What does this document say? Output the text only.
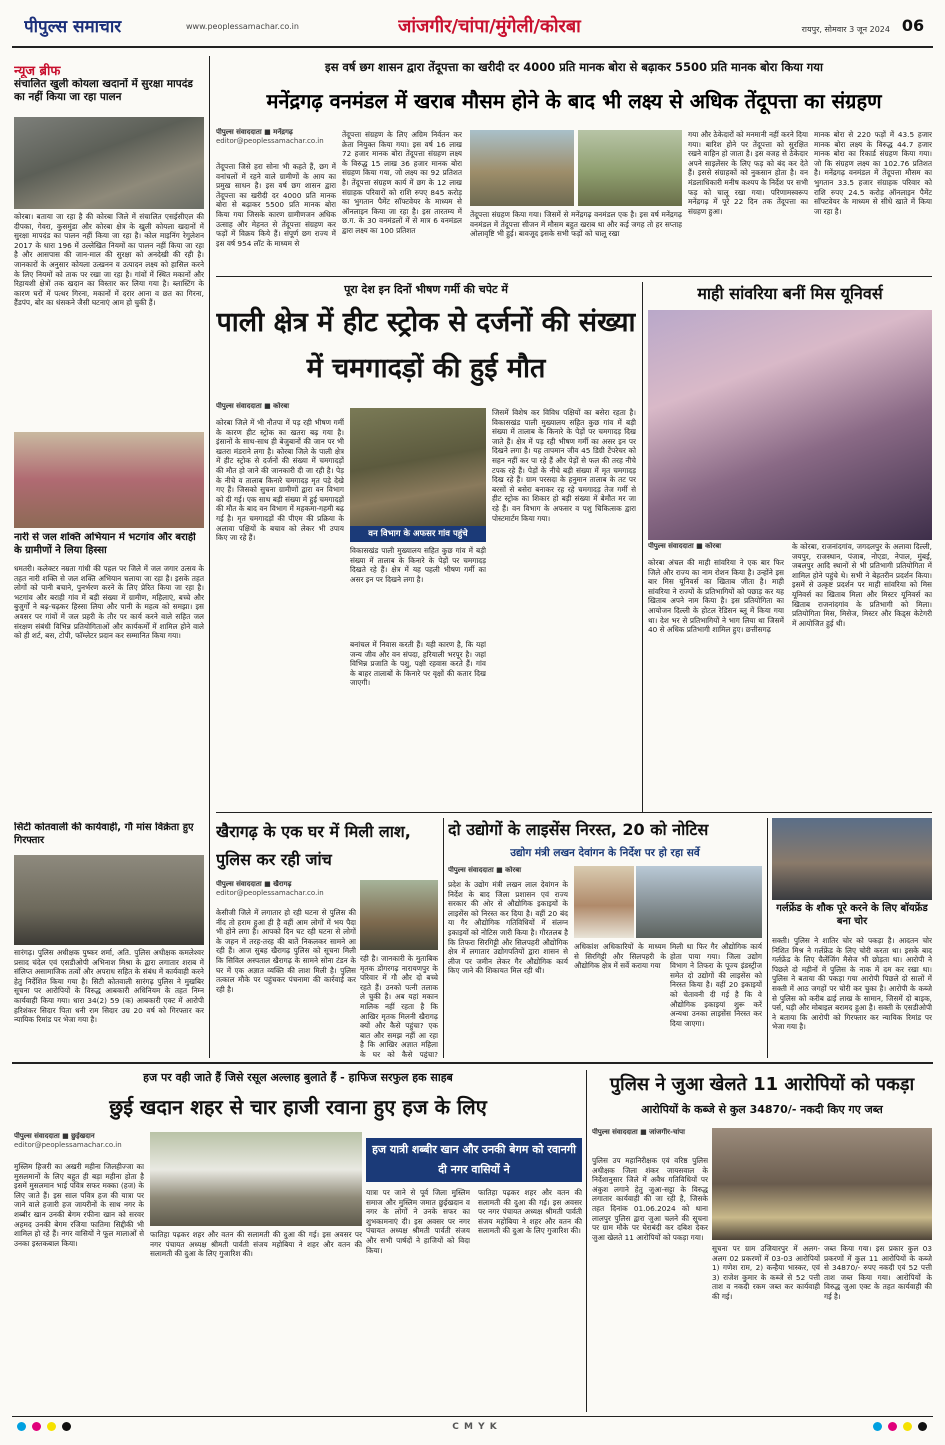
पीपुल्स समाचार	www.peoplessamachar.co.in	जांजगीर/चांपा/मुंगेली/कोरबा	रायपुर, सोमवार 3 जून 2024 06
न्यूज ब्रीफ
संचालित खुली कोयला खदानों में सुरक्षा मापदंड का नहीं किया जा रहा पालन
कोरबा। बताया जा रहा है की कोरबा जिले में संचालित एसईसीएल की दीपका, गेवरा, कुसमुंडा और कोरबा क्षेत्र के खुली कोयला खदानों में सुरक्षा मापदंड का पालन नहीं किया जा रहा है। कोल माइनिंग रेगुलेशन 2017 के धारा 196 में उल्लेखित नियमों का पालन नहीं किया जा रहा है और आसपास की जान-माल की सुरक्षा को अनदेखी की रही है। जानकारों के अनुसार कोयला उत्खनन व उत्पादन लक्ष्य को हासिल करने के लिए नियमों को ताक पर रखा जा रहा है। गांवों में स्थित मकानों और रिहायशी क्षेत्रों तक खदान का विस्तार कर लिया गया है। ब्लास्टिंग के कारण घरों में पत्थर गिरना, मकानों में दरार आना व छत का गिरना, हैंडपंप, बोर का धंसकने जैसी घटनाएं आम हो चुकी हैं।
नारी से जल शक्ति अभियान में भटगांव और बराही के ग्रामीणों ने लिया हिस्सा
धमतरी। कलेक्टर नम्रता गांधी की पहल पर जिले में जल जगार उत्सव के तहत नारी शक्ति से जल शक्ति अभियान चलाया जा रहा है। इसके तहत लोगों को पानी बचाने, पुनर्भरण करने के लिए प्रेरित किया जा रहा है। भटगांव और बराही गांव में बड़ी संख्या में ग्रामीण, महिलाएं, बच्चे और बुजुर्गों ने बढ़-चढ़कर हिस्सा लिया और पानी के महत्व को समझा। इस अवसर पर गांवों में जल प्रहरी के तौर पर कार्य करने वाले सहित जल संरक्षण संबंधी विभिन्न प्रतियोगिताओं और कार्यकर्मों में शामिल होने वाले को ही शर्ट, बस, टोपी, फॉम्लेटर प्रदान कर सम्मानित किया गया।
सिटी कोतवाली की कार्यवाही, गौ मांस विक्रेता हुए गिरफ्तार
सारंगढ़। पुलिस अधीक्षक पुष्कर शर्मा, अति. पुलिस अधीक्षक कमलेश्वर प्रसाद चंदेल एवं एसडीओपी अभिनाश मिश्रा के द्वारा लगातार शराब में संलिप्त असामाजिक तत्वों और अपराध सहित के संबंध में कार्यवाही करने हेतु निर्देशित किया गया है। सिटी कोतवाली सारंगढ़ पुलिस ने मुखबिर सूचना पर आरोपियों के विरुद्ध आबकारी अधिनियम के तहत निम्न कार्यवाही किया गया। धारा 34(2) 59 (क) आबकारी एक्ट में आरोपी हरिशंकर सिदार पिता धनी राम सिदार उम्र 20 वर्ष को गिरफ्तार कर न्यायिक रिमांड पर भेजा गया है।
इस वर्ष छग शासन द्वारा तेंदूपत्ता का खरीदी दर 4000 प्रति मानक बोरा से बढ़ाकर 5500 प्रति मानक बोरा किया गया
मनेंद्रगढ़ वनमंडल में खराब मौसम होने के बाद भी लक्ष्य से अधिक तेंदूपत्ता का संग्रहण
पीपुल्स संवाददाता ■ मनेंद्रगढ़
editor@peoplessamachar.co.in
तेंदूपत्ता जिसे हरा सोना भी कहते हैं, छग में वनांचलों में रहने वाले ग्रामीणों के आय का प्रमुख साधन है। इस वर्ष छग शासन द्वारा तेंदूपत्ता का खरीदी दर 4000 प्रति मानक बोरा से बढ़ाकर 5500 प्रति मानक बोरा किया गया जिसके कारण ग्रामीणजन अधिक उत्साह और मेहनत से तेंदूपत्ता संग्रहण कर फड़ों में विक्रय किये हैं। संपूर्ण छग राज्य में इस वर्ष 954 लॉट के माध्यम से
तेंदूपत्ता संग्रहण के लिए अग्रिम निर्वतन कर क्रेता नियुक्त किया गया। इस वर्ष 16 लाख 72 हजार मानक बोरा तेंदूपत्ता संग्रहण लक्ष्य के विरुद्ध 15 लाख 36 हजार मानक बोरा संग्रहण किया गया, जो लक्ष्य का 92 प्रतिशत है। तेंदूपत्ता संग्रहण कार्य में छग के 12 लाख संग्राहक परिवारों को राशि रुपए 845 करोड़ का भुगतान पैमेंट सॉफ्टवेयर के माध्यम से ऑनलाइन किया जा रहा है। इस तारतम्य में छ.ग. के 30 वनमंडलों में से मात्र 6 वनमंडल द्वारा लक्ष्य का 100 प्रतिशत
तेंदूपत्ता संग्रहण किया गया। जिसमें से मनेंद्रगढ़ वनमंडल एक है। इस वर्ष मनेंद्रगढ़ वनमंडल में तेंदूपत्ता सीजन में मौसम बहुत खराब था और कई जगह तो हर सप्ताह ओलावृष्टि भी हुई। बावजूद इसके सभी फड़ों को चालू रखा
गया और ठेकेदारों को मनमानी नहीं करने दिया गया। बारिश होने पर तेंदूपत्ता को सुरक्षित रखने वाहिन हो जाता है। इस वजह से ठेकेदार अपने साइलेंसर के लिए फड़ को बंद कर देते हैं। इससे संग्राहकों को नुकसान होता है। वन मंडलाधिकारी मनीष कश्यप के निर्देश पर सभी फड़ को चालू रखा गया। परिणामस्वरूप मनेंद्रगढ़ में पूरे 22 दिन तक तेंदूपत्ता का संग्रहण हुआ।
मानक बोरा से 220 फड़ों में 43.5 हजार मानक बोरा लक्ष्य के विरुद्ध 44.7 हजार मानक बोरा का रिकार्ड संग्रहण किया गया। जो कि संग्रहण लक्ष्य का 102.76 प्रतिशत है। मनेंद्रगढ़ वनमंडल में तेंदूपत्ता मौसम का भुगतान 33.5 हजार संग्राहक परिवार को राशि रुपए 24.5 करोड़ ऑनलाइन पैमेंट सॉफ्टवेयर के माध्यम से सीधे खाते में किया जा रहा है।
पूरा देश इन दिनों भीषण गर्मी की चपेट में
पाली क्षेत्र में हीट स्ट्रोक से दर्जनों की संख्या में चमगादड़ों की हुई मौत
पीपुल्स संवाददाता ■ कोरबा
कोरबा जिले में भी नौतपा में पड़ रही भीषण गर्मी के कारण हीट स्ट्रोक का खतरा बढ़ गया है। इंसानों के साथ-साथ ही बेजुबानों की जान पर भी खतरा मंडराने लगा है। कोरबा जिले के पाली क्षेत्र में हीट स्ट्रोक से दर्जनों की संख्या में चमगादड़ों की मौत हो जाने की जानकारी दी जा रही है। पेड़ के नीचे व तालाब किनारे चमगादड़ मृत पड़े देखे गए हैं। जिसको सुचना ग्रामीणों द्वारा वन विभाग को दी गई। एक साथ बड़ी संख्या में हुई चमगादड़ों की मौत के बाद वन विभाग में महकमा-गहमी बढ़ गई है। मृत चमगादड़ों की पीएम की प्रक्रिया के अलावा पक्षियों के बचाव को लेकर भी उपाय किए जा रहे हैं।	वन विभाग के अफसर गांव पहुंचे
विकासखंड पाली मुख्यालय सहित कुछ गांव में बड़ी संख्या में तालाब के किनारे के पेड़ों पर चमगादड़ दिखते रहे हैं। क्षेत्र में यह पहली भीषण गर्मी का असर इन पर दिखने लगा है।
बनांचल में निवास करती हैं। यही कारण है, कि यहां जन्य जीव और वन संपदा, हरियाली भरपूर है। जहां विभिन्न प्रजाति के पशु, पक्षी रहवास करते हैं। गांव के बाहर तालाबों के किनारे पर वृक्षों की कतार दिख जाएगी।
जिसमें विशेष कर विविध पक्षियों का बसेरा रहता है। विकासखंड पाली मुख्यालय सहित कुछ गांव में बड़ी संख्या में तालाब के किनारे के पेड़ों पर चमगादड़ दिख जाते हैं। क्षेत्र में पड़ रही भीषण गर्मी का असर इन पर दिखने लगा है। यह तापमान जीव 45 डिग्री टेंपरेचर को सहन नहीं कर पा रहे हैं और पेड़ों से फल की तरह नीचे टपक रहे हैं। पेड़ों के नीचे बड़ी संख्या में मृत चमगादड़ दिख रहे हैं। ग्राम परसदा के हनुमान तालाब के तट पर बरसों से बसेरा बनाकर रह रहे चमगादड़ तेज गर्मी से हीट स्ट्रोक का शिकार हो बड़ी संख्या में बेमौत मर जा रहे हैं। वन विभाग के अफसर व पशु चिकित्सक द्वारा पोस्टमार्टम किया गया।
माही सांवरिया बनीं मिस यूनिवर्स
पीपुल्स संवाददाता ■ कोरबा
कोरबा अंचल की माही सांवरिया ने एक बार फिर जिले और राज्य का नाम रोशन किया है। उन्होंने इस बार मिस यूनिवर्स का खिताब जीता है। माही सांवरिया ने राज्यों के प्रतिभागियों को पछाड़ कर यह खिताब अपने नाम किया है। इस प्रतियोगिता का आयोजन दिल्ली के होटल रेडिसन ब्लू में किया गया था। देश भर से प्रतिभागियों ने भाग लिया था जिसमें 40 से अधिक प्रतिभागी शामिल हुए। छत्तीसगढ़
के कोरबा, राजनांदगांव, जगदलपुर के अलावा दिल्ली, जयपुर, राजस्थान, पंजाब, नोएडा, नेपाल, मुंबई, जबलपुर आदि स्थानों से भी प्रतिभागी प्रतियोगिता में शामिल होने पहुंचे थे। सभी ने बेहतरीन प्रदर्शन किया। इसमें से उत्कृष्ट प्रदर्शन पर माही सांवरिया को मिस यूनिवर्स का खिताब मिला और मिस्टर यूनिवर्स का खिताब राजनांदगांव के प्रतिभागी को मिला। प्रतियोगिता मिस, मिसेज, मिस्टर और किड्स केटेगरी में आयोजित हुई थी।
खैरागढ़ के एक घर में मिली लाश, पुलिस कर रही जांच
पीपुल्स संवाददाता ■ खैरागढ़
editor@peoplessamachar.co.in
केसीजी जिले में लगातार हो रही घटना से पुलिस की नींद तो हराम हुआ ही है वहीं आम लोगों में भय पैदा भी होने लगा है। आपको दिन घट रही घटना से लोगों के जहन में तरह-तरह की बातें निकलकर सामने आ रही हैं। आज सुबह खैरागढ़ पुलिस को सूचना मिली कि सिविल अस्पताल खैरागढ़ के सामने सोना टंडन के घर में एक अज्ञात व्यक्ति की लाश मिली है। पुलिस तत्काल मौके पर पहुंचकर पंचनामा की कार्रवाई कर रही है।
रही है। जानकारी के मुताबिक मृतक डोंगरगढ़ नारायणपुर के परिवार में गौ और दो बच्चे रहते हैं। उनको पत्नी तलाक ले चुकी है। अब यहां मकान मालिक नहीं रहता है कि आखिर मृतक मिलनी खैरागढ़ क्यों और कैसे पहुंचा? एक बात और समझ नहीं आ रहा है कि आखिर अज्ञात महिला के घर को कैसे पहुंचा?
दो उद्योगों के लाइसेंस निरस्त, 20 को नोटिस
उद्योग मंत्री लखन देवांगन के निर्देश पर हो रहा सर्वे
पीपुल्स संवाददाता ■ कोरबा
प्रदेश के उद्योग मंत्री लखन लाल देवांगन के निर्देश के बाद जिला प्रशासन एवं राज्य सरकार की ओर से औद्योगिक इकाइयों के लाइसेंस को निरस्त कर दिया है। वहीं 20 बंद या गैर औद्योगिक गतिविधियों में संलग्न इकाइयों को नोटिस जारी किया है। गौरतलब है कि तिफरा सिरगिट्टी और सिलपहरी औद्योगिक क्षेत्र में लगातार उद्योगपतियों द्वारा शासन से लीज पर जमीन लेकर गैर औद्योगिक कार्य किए जाने की शिकायत मिल रही थी।
अधिकांश अधिकारियों के माध्यम से सिरगिट्टी और सिलपहरी के औद्योगिक क्षेत्र में सर्वे कराया गया
मिली था फिर गैर औद्योगिक कार्य होता पाया गया। जिला उद्योग विभाग ने तिफरा के पूज्य इंडस्ट्रीज समेत दो उद्योगों की लाइसेंस को निरस्त किया है। वहीं 20 इकाइयों को चेतावनी दी गई है कि वे औद्योगिक इकाइयां शुरू करें अन्यथा उनका लाइसेंस निरस्त कर दिया जाएगा।
गर्लफ्रेंड के शौक पूरे करने के लिए बॉयफ्रेंड बना चोर
सक्ती। पुलिस ने शातिर चोर को पकड़ा है। आदतन चोर निशित मिश्र ने गर्लफ्रेंड के लिए चोरी करता था। इसके बाद गर्लफ्रेंड के लिए चैलेंजिंग मैसेज भी छोड़ता था। आरोपी ने पिछले दो महीनों में पुलिस के नाक में दम कर रखा था। पुलिस ने बताया की पकड़ा गया आरोपी पिछले दो सालों में सक्ती में आठ जगहों पर चोरी कर चुका है। आरोपी के कब्जे से पुलिस को करीब ढाई लाख के सामान, जिसमें दो बाइक, पर्स, घड़ी और मोबाइल बरामद हुआ है। सक्ती के एसडीओपी ने बताया कि आरोपी को गिरफ्तार कर न्यायिक रिमांड पर भेजा गया है।
हज पर वही जाते हैं जिसे रसूल अल्लाह बुलाते हैं - हाफिज सरफुल हक साहब
छुई खदान शहर से चार हाजी रवाना हुए हज के लिए
पीपुल्स संवाददाता ■ छुईखदान
editor@peoplessamachar.co.in
मुस्लिम हिजरी का अखरी महीना जिलहीज्जा का मुसलमानों के लिए बहुत ही बड़ा महीना होता है इसमें मुसलमान भाई पवित्र सफर मक्का (हज) के लिए जाते हैं। इस साल पवित्र हज की यात्रा पर जाने वाले हजारी हज जायरीनों के साथ नगर के शब्बीर खान उनकी बेगम रफीना खान को सरवर अहमद उनकी बेगम रजिया फातिमा सिद्दीकी भी शामिल हो रहे हैं। नगर वासियों ने फूल मालाओं से उनका इस्तकबाल किया।
हज यात्री शब्बीर खान और उनकी बेगम को रवानगी दी नगर वासियों ने
यात्रा पर जाने से पूर्व जिला मुस्लिम समाज और मुस्लिम जमात छुईखदान व नगर के लोगों ने उनके सफर का शुभकामनाएं दी। इस अवसर पर नगर पंचायत अध्यक्ष श्रीमती पार्वती संजय और सभी पार्षदों ने हाजियों को विदा किया।
फातिहा पढ़कर शहर और वतन की सलामती की दुआ की गई। इस अवसर पर नगर पंचायत अध्यक्ष श्रीमती पार्वती संजय महोबिया ने शहर और वतन की सलामती की दुआ के लिए गुजारिश की।
फातिहा पढ़कर शहर और वतन की सलामती की दुआ की गई। इस अवसर पर नगर पंचायत अध्यक्ष श्रीमती पार्वती संजय महोबिया ने शहर और वतन की सलामती की दुआ के लिए गुजारिश की।
पुलिस ने जुआ खेलते 11 आरोपियों को पकड़ा
आरोपियों के कब्जे से कुल 34870/- नकदी किए गए जब्त
पीपुल्स संवाददाता ■ जांजगीर-चांपा
पुलिस उप महानिरीक्षक एवं वरिष्ठ पुलिस अधीक्षक जिला शंकर जायसवाल के निर्देशानुसार जिले में अवैध गतिविधियों पर अंकुश लगाने हेतु जुआ-सट्टा के विरुद्ध लगातार कार्यवाही की जा रही है, जिसके तहत दिनांक 01.06.2024 को थाना लालपुर पुलिस द्वारा जुआ चलने की सूचना पर ग्राम मौके पर घेराबंदी कर दबिश देकर जुआ खेलते 11 आरोपियों को पकड़ा गया।
सूचना पर ग्राम उजियारपुर में अलग-अलग 02 प्रकरणों में 03-03 आरोपियों 1) गणेश राम, 2) कन्हैया भास्कर, एवं 3) राजेश कुमार के कब्जे से 52 पत्ती ताश व नकदी रकम जब्त कर कार्यवाही की गई।
जब्त किया गया। इस प्रकार कुल 03 प्रकरणों में कुल 11 आरोपियों के कब्जे से 34870/- रुपए नकदी एवं 52 पत्ती ताश जब्त किया गया। आरोपियों के विरुद्ध जुआ एक्ट के तहत कार्यवाही की गई है।
C M Y K
